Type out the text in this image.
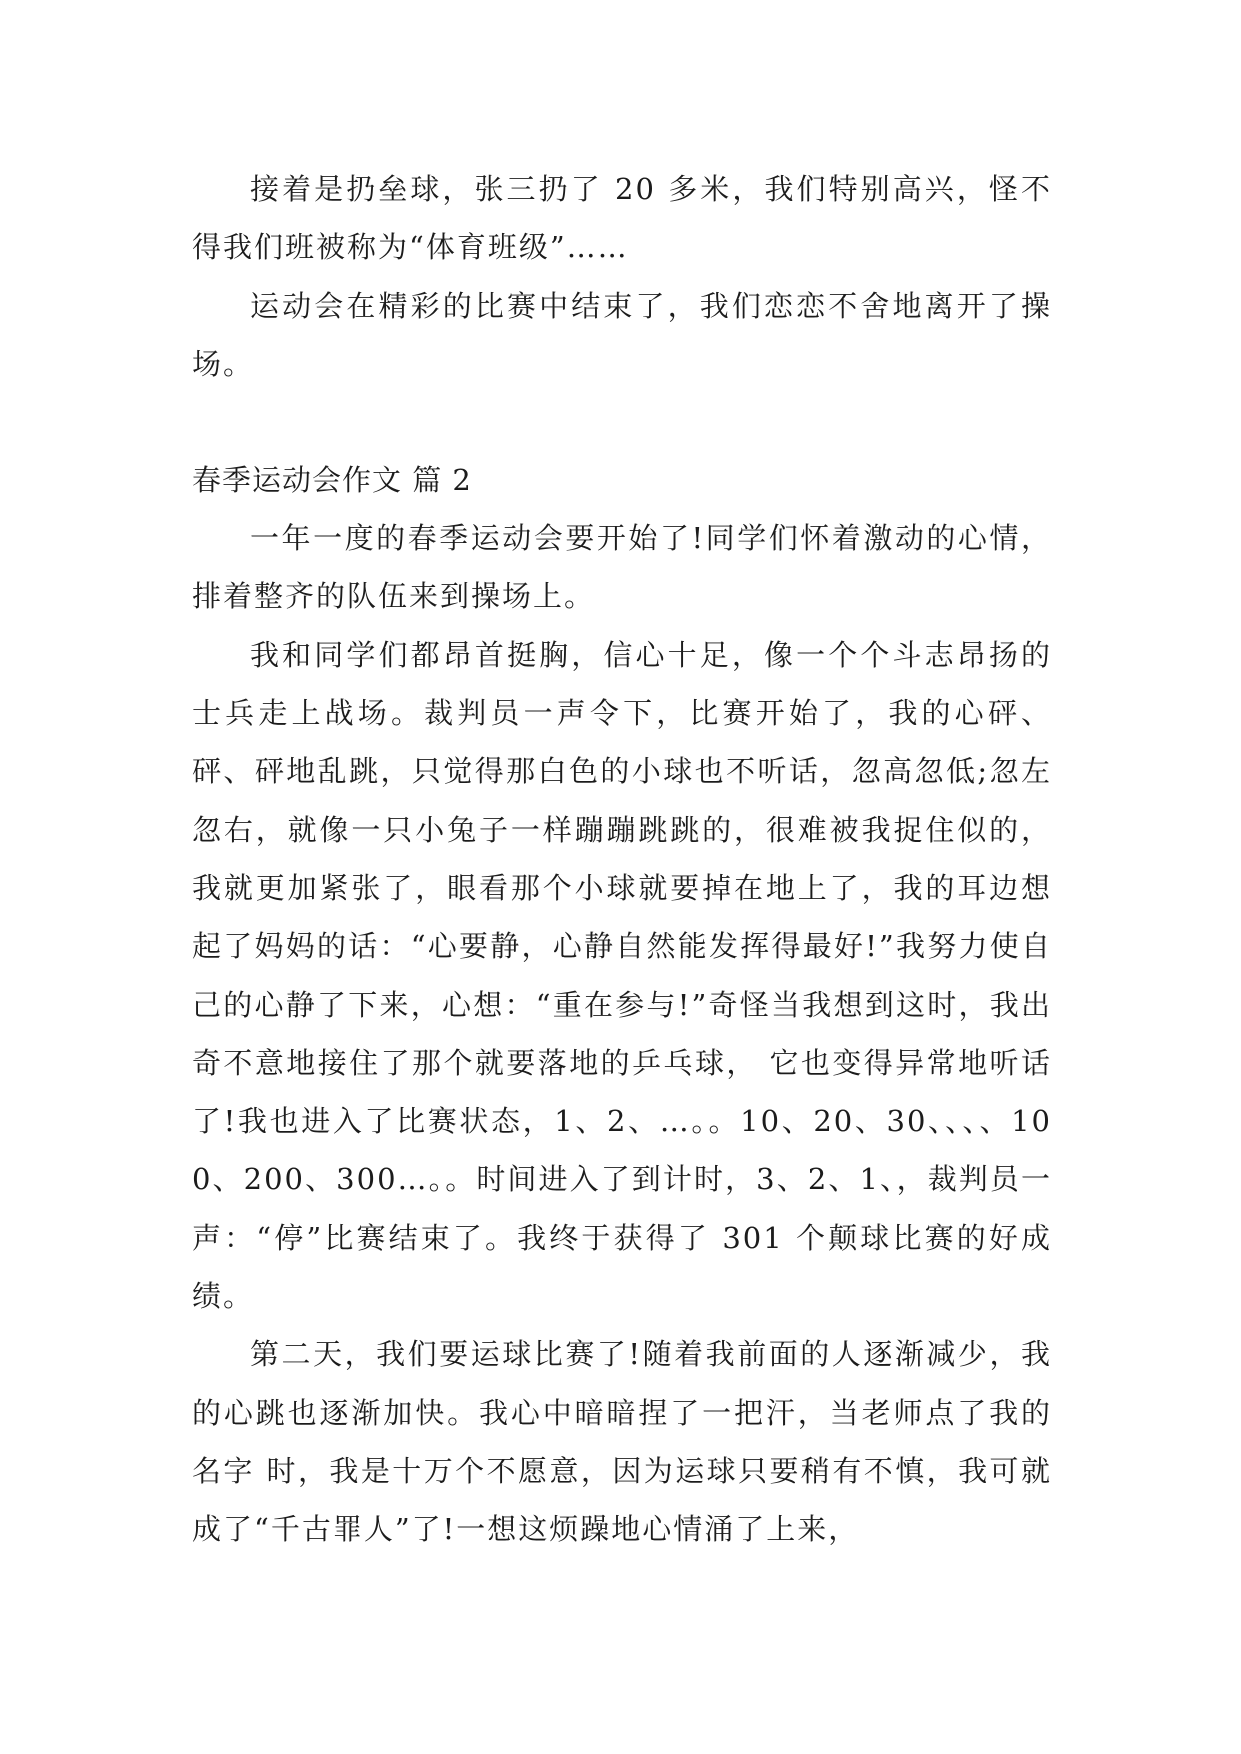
接着是扔垒球，张三扔了 20 多米，我们特别高兴，怪不得我们班被称为“体育班级”……

运动会在精彩的比赛中结束了，我们恋恋不舍地离开了操场。

春季运动会作文 篇 2

一年一度的春季运动会要开始了!同学们怀着激动的心情，排着整齐的队伍来到操场上。

我和同学们都昂首挺胸，信心十足，像一个个斗志昂扬的士兵走上战场。裁判员一声令下，比赛开始了，我的心砰、砰、砰地乱跳，只觉得那白色的小球也不听话，忽高忽低;忽左忽右，就像一只小兔子一样蹦蹦跳跳的，很难被我捉住似的，我就更加紧张了，眼看那个小球就要掉在地上了，我的耳边想起了妈妈的话：“心要静，心静自然能发挥得最好!”我努力使自己的心静了下来，心想：“重在参与!”奇怪当我想到这时，我出奇不意地接住了那个就要落地的乒乓球， 它也变得异常地听话了!我也进入了比赛状态，1、2、…。。10、20、30、、、、100、200、300…。。时间进入了到计时，3、2、1、，裁判员一声：“停”比赛结束了。我终于获得了 301 个颠球比赛的好成绩。

第二天，我们要运球比赛了!随着我前面的人逐渐减少，我的心跳也逐渐加快。我心中暗暗捏了一把汗，当老师点了我的名字 时，我是十万个不愿意，因为运球只要稍有不慎，我可就成了“千古罪人”了!一想这烦躁地心情涌了上来，
